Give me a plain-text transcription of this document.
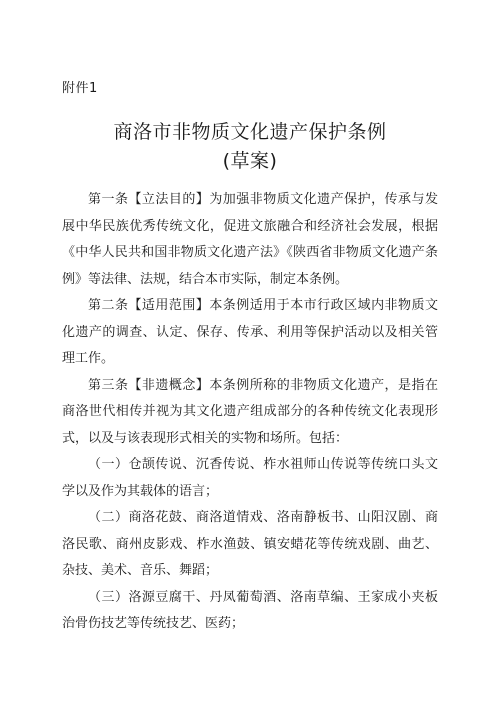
附件1
商洛市非物质文化遗产保护条例
(草案)

第一条【立法目的】为加强非物质文化遗产保护，传承与发展中华民族优秀传统文化，促进文旅融合和经济社会发展，根据《中华人民共和国非物质文化遗产法》《陕西省非物质文化遗产条例》等法律、法规，结合本市实际，制定本条例。

第二条【适用范围】本条例适用于本市行政区域内非物质文化遗产的调查、认定、保存、传承、利用等保护活动以及相关管理工作。

第三条【非遗概念】本条例所称的非物质文化遗产，是指在商洛世代相传并视为其文化遗产组成部分的各种传统文化表现形式，以及与该表现形式相关的实物和场所。包括：

（一）仓颉传说、沉香传说、柞水祖师山传说等传统口头文学以及作为其载体的语言；

（二）商洛花鼓、商洛道情戏、洛南静板书、山阳汉剧、商洛民歌、商州皮影戏、柞水渔鼓、镇安蜡花等传统戏剧、曲艺、杂技、美术、音乐、舞蹈；

（三）洛源豆腐干、丹凤葡萄酒、洛南草编、王家成小夹板治骨伤技艺等传统技艺、医药；
